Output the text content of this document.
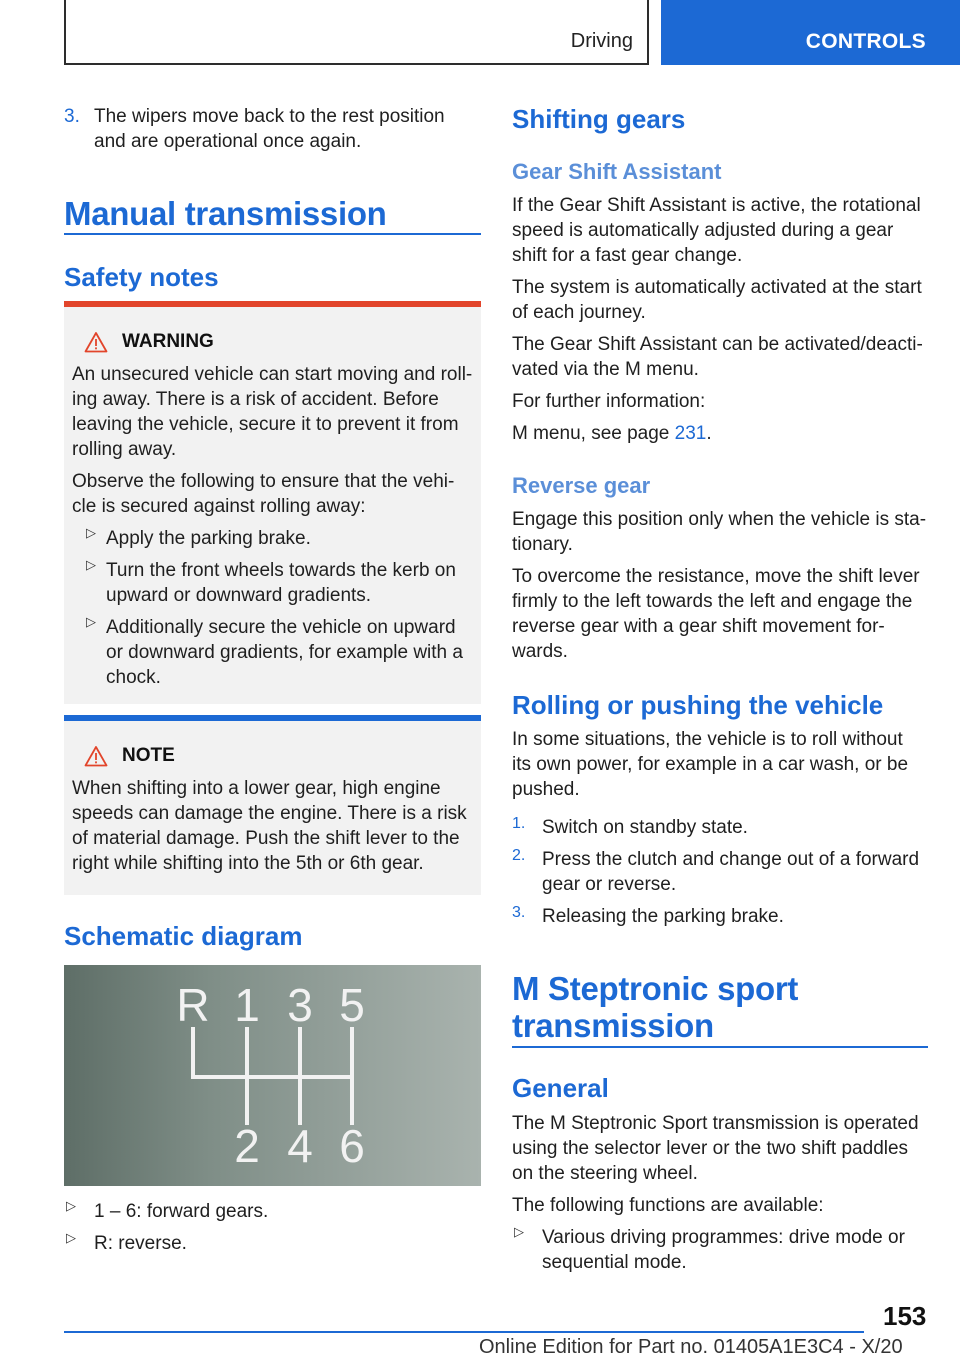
Driving	CONTROLS

3. The wipers move back to the rest position

and are operational once again.

Manual transmission
Safety notes
WARNING

An unsecured vehicle can start moving and roll-

ing away. There is a risk of accident. Before

leaving the vehicle, secure it to prevent it from

rolling away.

Observe the following to ensure that the vehi-

cle is secured against rolling away:

▷ Apply the parking brake.

▷ Turn the front wheels towards the kerb on

upward or downward gradients.

▷ Additionally secure the vehicle on upward

or downward gradients, for example with a

chock.

NOTE

When shifting into a lower gear, high engine

speeds can damage the engine. There is a risk

of material damage. Push the shift lever to the

right while shifting into the 5th or 6th gear.

Schematic diagram
R 1 3 5
2 4 6
▷ 1 – 6: forward gears.

▷ R: reverse.

Shifting gears
Gear Shift Assistant

If the Gear Shift Assistant is active, the rotational

speed is automatically adjusted during a gear

shift for a fast gear change.

The system is automatically activated at the start

of each journey.

The Gear Shift Assistant can be activated/deacti-

vated via the M menu.

For further information:

M menu, see page 231.

Reverse gear

Engage this position only when the vehicle is sta-

tionary.

To overcome the resistance, move the shift lever

firmly to the left towards the left and engage the

reverse gear with a gear shift movement for-

wards.

Rolling or pushing the vehicle

In some situations, the vehicle is to roll without

its own power, for example in a car wash, or be

pushed.

1. Switch on standby state.

2. Press the clutch and change out of a forward

gear or reverse.

3. Releasing the parking brake.

M Steptronic sport
transmission
General

The M Steptronic Sport transmission is operated

using the selector lever or the two shift paddles

on the steering wheel.

The following functions are available:

▷ Various driving programmes: drive mode or

sequential mode.

153
Online Edition for Part no. 01405A1E3C4 - X/20
